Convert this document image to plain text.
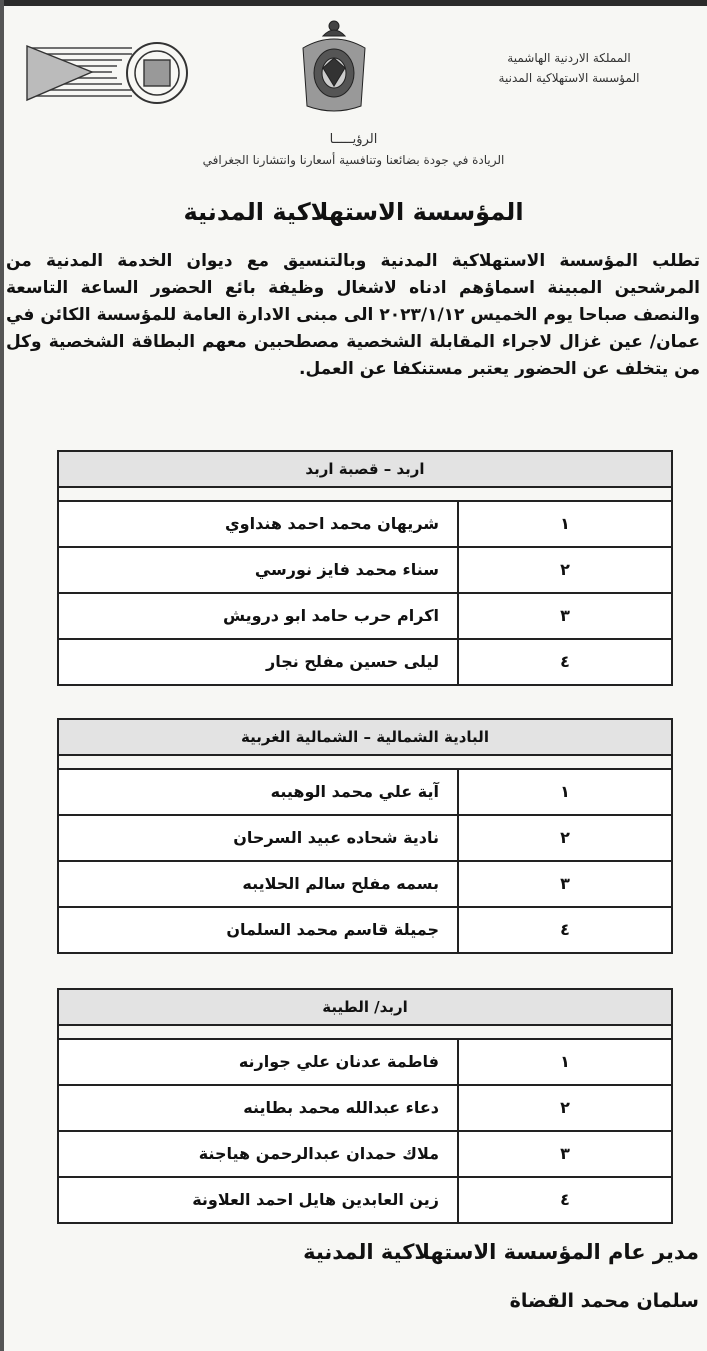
المملكة الاردنية الهاشمية
المؤسسة الاستهلاكية المدنية
الرؤيـــــا
الريادة في جودة بضائعنا وتنافسية أسعارنا وانتشارنا الجغرافي
المؤسسة الاستهلاكية المدنية
تطلب المؤسسة الاستهلاكية المدنية وبالتنسيق مع ديوان الخدمة المدنية من المرشحين المبينة اسماؤهم ادناه لاشغال وظيفة بائع الحضور الساعة التاسعة والنصف صباحا يوم الخميس ٢٠٢٣/١/١٢ الى مبنى الادارة العامة للمؤسسة الكائن في عمان/ عين غزال لاجراء المقابلة الشخصية مصطحبين معهم البطاقة الشخصية وكل من يتخلف عن الحضور يعتبر مستنكفا عن العمل.
اربد – قصبة اربد
شريهان محمد احمد هنداوي	١
سناء محمد فايز نورسي	٢
اكرام حرب حامد ابو درويش	٣
ليلى حسين مفلح نجار	٤
البادية الشمالية – الشمالية الغربية
آية علي محمد الوهيبه	١
نادية شحاده عبيد السرحان	٢
بسمه مفلح سالم الحلايبه	٣
جميلة قاسم محمد السلمان	٤
اربد/ الطيبة
فاطمة عدنان علي جوارنه	١
دعاء عبدالله محمد بطاينه	٢
ملاك حمدان عبدالرحمن هياجنة	٣
زين العابدين هايل احمد العلاونة	٤
مدير عام المؤسسة الاستهلاكية المدنية
سلمان محمد القضاة
